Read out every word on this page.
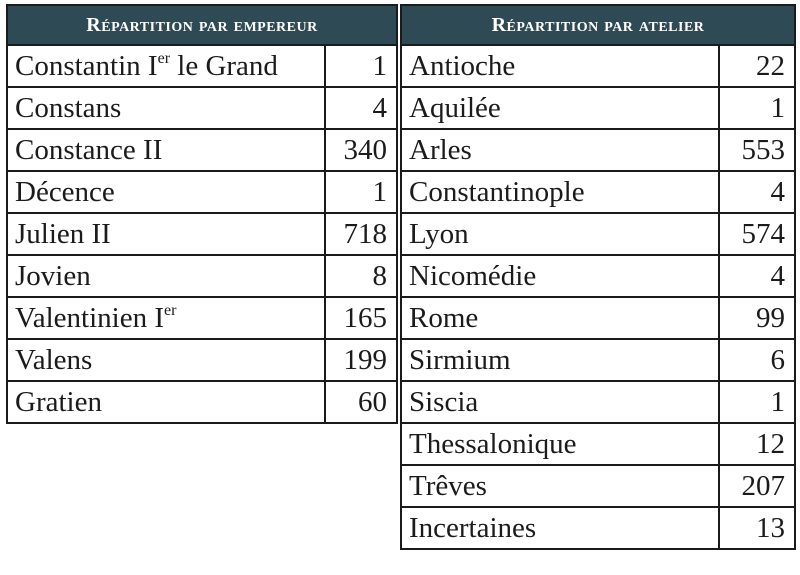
Répartition par empereur	
Constantin Ier le Grand	1
Constans	4
Constance II	340
Décence	1
Julien II	718
Jovien	8
Valentinien Ier	165
Valens	199
Gratien	60
Répartition par atelier	
Antioche	22
Aquilée	1
Arles	553
Constantinople	4
Lyon	574
Nicomédie	4
Rome	99
Sirmium	6
Siscia	1
Thessalonique	12
Trêves	207
Incertaines	13
